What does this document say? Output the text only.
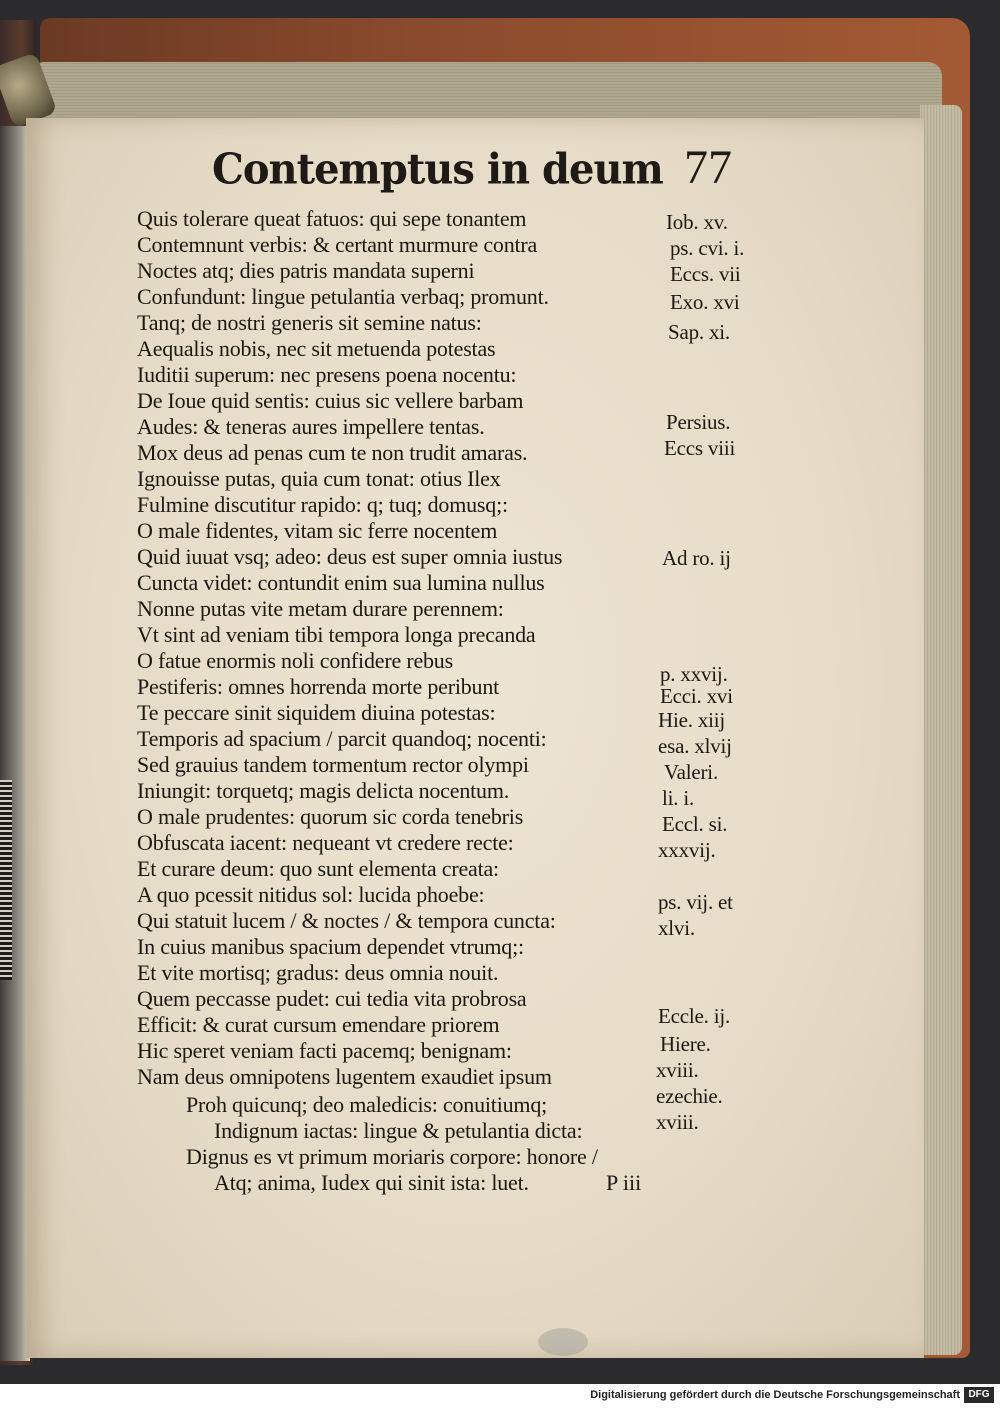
Contemptus in deum 77
Quis tolerare queat fatuos: qui sepe tonantem
Contemnunt verbis: & certant murmure contra
Noctes atq; dies patris mandata superni
Confundunt: lingue petulantia verbaq; promunt.
Tanq; de nostri generis sit semine natus:
Aequalis nobis, nec sit metuenda potestas
Iuditii superum: nec presens poena nocentu:
De Ioue quid sentis: cuius sic vellere barbam
Audes: & teneras aures impellere tentas.
Mox deus ad penas cum te non trudit amaras.
Ignouisse putas, quia cum tonat: otius Ilex
Fulmine discutitur rapido: q; tuq; domusq;:
O male fidentes, vitam sic ferre nocentem
Quid iuuat vsq; adeo: deus est super omnia iustus
Cuncta videt: contundit enim sua lumina nullus
Nonne putas vite metam durare perennem:
Vt sint ad veniam tibi tempora longa precanda
O fatue enormis noli confidere rebus
Pestiferis: omnes horrenda morte peribunt
Te peccare sinit siquidem diuina potestas:
Temporis ad spacium / parcit quandoq; nocenti:
Sed grauius tandem tormentum rector olympi
Iniungit: torquetq; magis delicta nocentum.
O male prudentes: quorum sic corda tenebris
Obfuscata iacent: nequeant vt credere recte:
Et curare deum: quo sunt elementa creata:
A quo pcessit nitidus sol: lucida phoebe:
Qui statuit lucem / & noctes / & tempora cuncta:
In cuius manibus spacium dependet vtrumq;:
Et vite mortisq; gradus: deus omnia nouit.
Quem peccasse pudet: cui tedia vita probrosa
Efficit: & curat cursum emendare priorem
Hic speret veniam facti pacemq; benignam:
Nam deus omnipotens lugentem exaudiet ipsum
Proh quicunq; deo maledicis: conuitiumq;
Indignum iactas: lingue & petulantia dicta:
Dignus es vt primum moriaris corpore: honore /
Atq; anima, Iudex qui sinit ista: luet.	P iii
Iob. xv.
ps. cvi. i.
Eccs. vii
Exo. xvi
Sap. xi.
Persius.
Eccs viii
Ad ro. ij
p. xxvij.
Ecci. xvi
Hie. xiij
esa. xlvij
Valeri.
li. i.
Eccl. si.
xxxvij.
ps. vij. et
xlvi.
Eccle. ij.
Hiere.
xviii.
ezechie.
xviii.
Digitalisierung gefördert durch die Deutsche Forschungsgemeinschaft DFG
